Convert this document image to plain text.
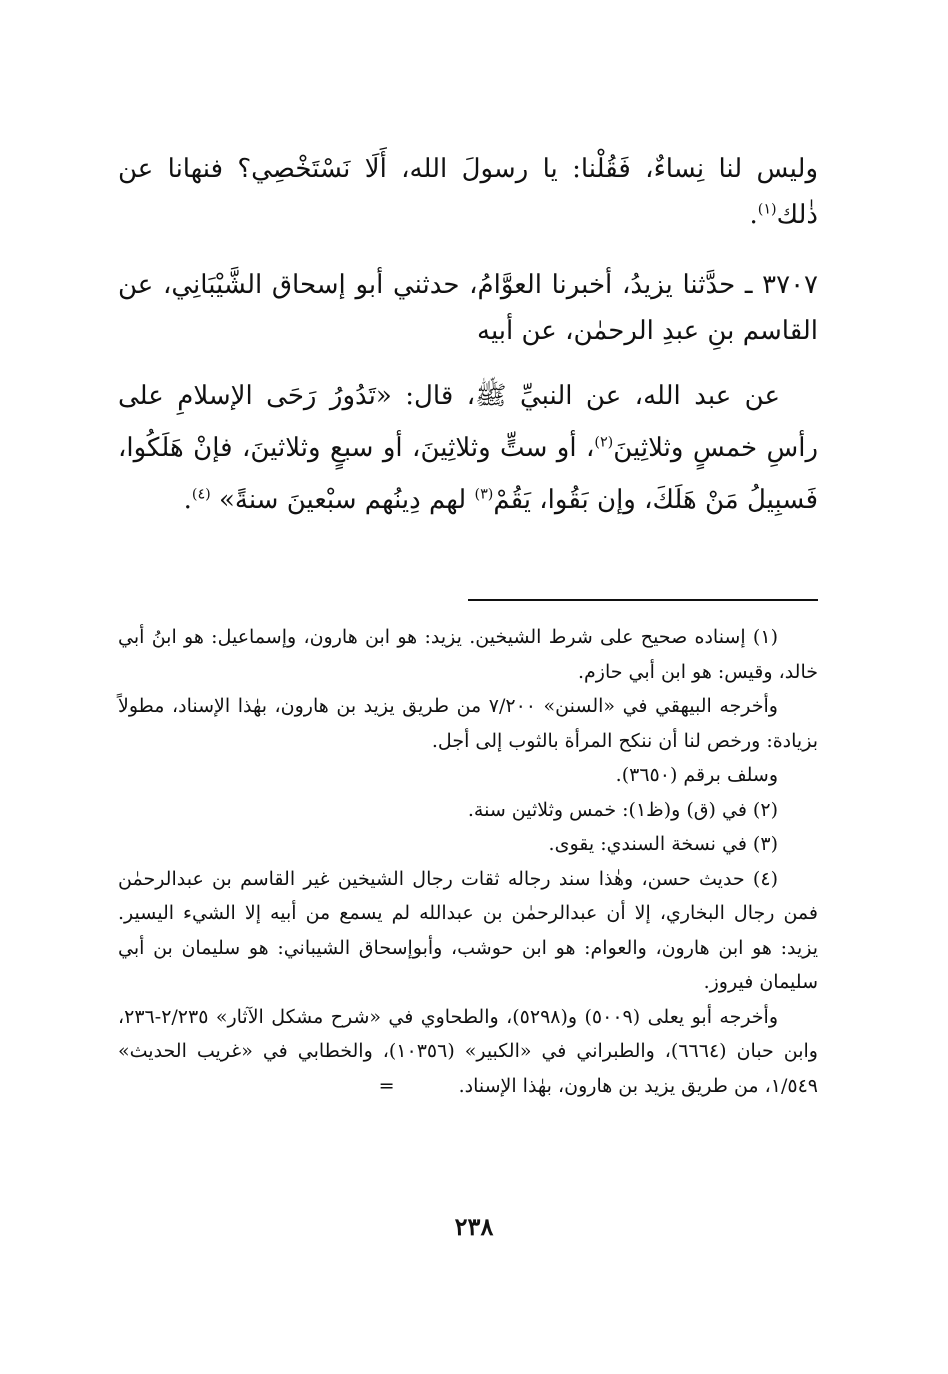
وليس لنا نِساءٌ، فَقُلْنا: يا رسولَ الله، أَلَا نَسْتَخْصِي؟ فنهانا عن ذٰلك$^{(١)}$.

٣٧٠٧ ـ حدَّثنا يزيدُ، أخبرنا العوَّامُ، حدثني أبو إسحاق الشَّيْبَانِي، عن القاسم بنِ عبدِ الرحمٰن، عن أبيه

عن عبد الله، عن النبيِّ ﷺ، قال: «تَدُورُ رَحَى الإسلامِ على رأسِ خمسٍ وثلاثِينَ$^{(٢)}$، أو ستٍّ وثلاثِينَ، أو سبعٍ وثلاثينَ، فإنْ هَلَكُوا، فَسبِيلُ مَنْ هَلَكَ، وإن بَقُوا، يَقُمْ$^{(٣)}$ لهم دِينُهم سبْعينَ سنةً» $^{(٤)}$.

(١) إسناده صحيح على شرط الشيخين. يزيد: هو ابن هارون، وإسماعيل: هو ابنُ أبي خالد، وقيس: هو ابن أبي حازم.

وأخرجه البيهقي في «السنن» ٧/٢٠٠ من طريق يزيد بن هارون، بهٰذا الإسناد، مطولاً بزيادة: ورخص لنا أن ننكح المرأة بالثوب إلى أجل.

وسلف برقم (٣٦٥٠).

(٢) في (ق) و(ظ١): خمس وثلاثين سنة.

(٣) في نسخة السندي: يقوى.

(٤) حديث حسن، وهٰذا سند رجاله ثقات رجال الشيخين غير القاسم بن عبدالرحمٰن فمن رجال البخاري، إلا أن عبدالرحمٰن بن عبدالله لم يسمع من أبيه إلا الشيء اليسير. يزيد: هو ابن هارون، والعوام: هو ابن حوشب، وأبوإسحاق الشيباني: هو سليمان بن أبي سليمان فيروز.

وأخرجه أبو يعلى (٥٠٠٩) و(٥٢٩٨)، والطحاوي في «شرح مشكل الآثار» ٢/٢٣٥-٢٣٦، وابن حبان (٦٦٦٤)، والطبراني في «الكبير» (١٠٣٥٦)، والخطابي في «غريب الحديث» ١/٥٤٩، من طريق يزيد بن هارون، بهٰذا الإسناد.=

٢٣٨
